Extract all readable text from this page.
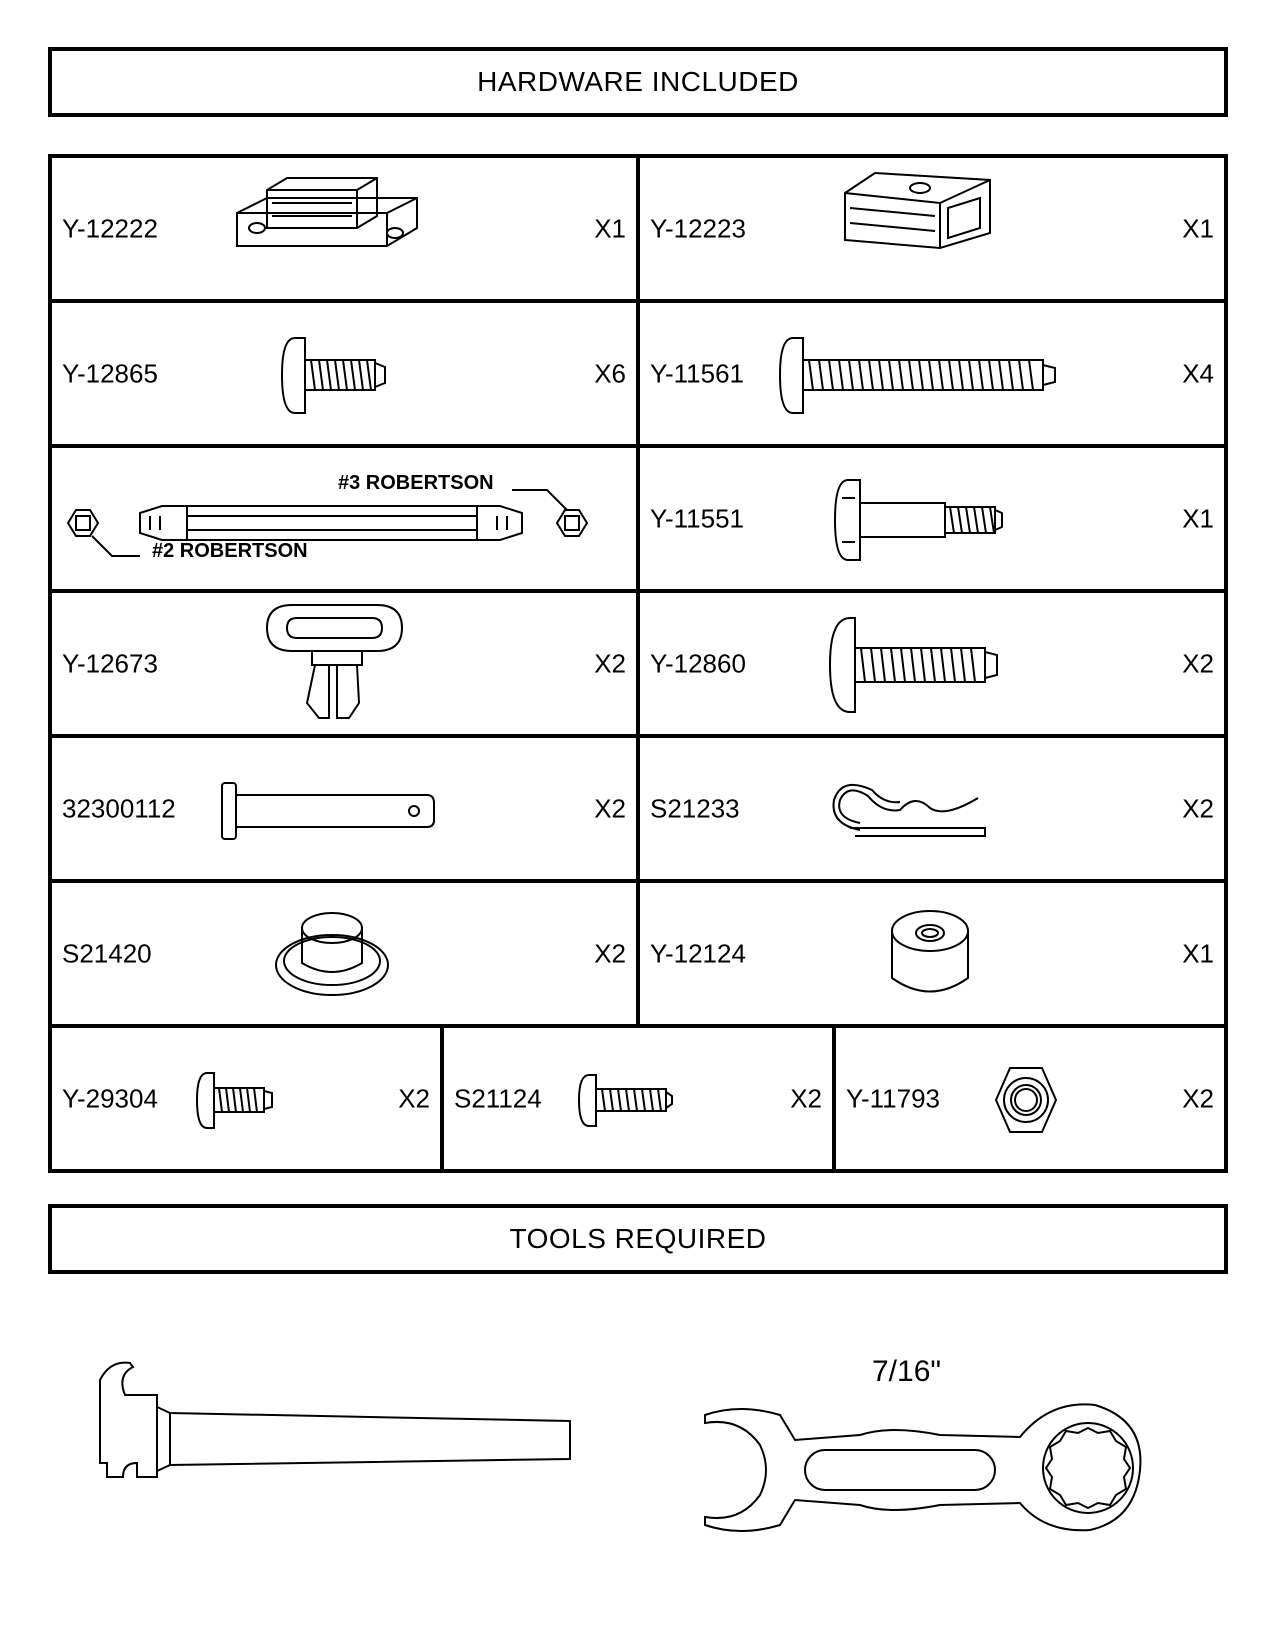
HARDWARE INCLUDED
Y-12222	X1 Y-12223	X1
Y-12865	X6 Y-11561	X4
#2 ROBERTSON
#3 ROBERTSON
Y-11551	X1
Y-12673	X2 Y-12860	X2
32300112	X2 S21233	X2
S21420	X2 Y-12124	X1
Y-29304	X2 S21124	X2 Y-11793	X2
TOOLS REQUIRED
7/16"
